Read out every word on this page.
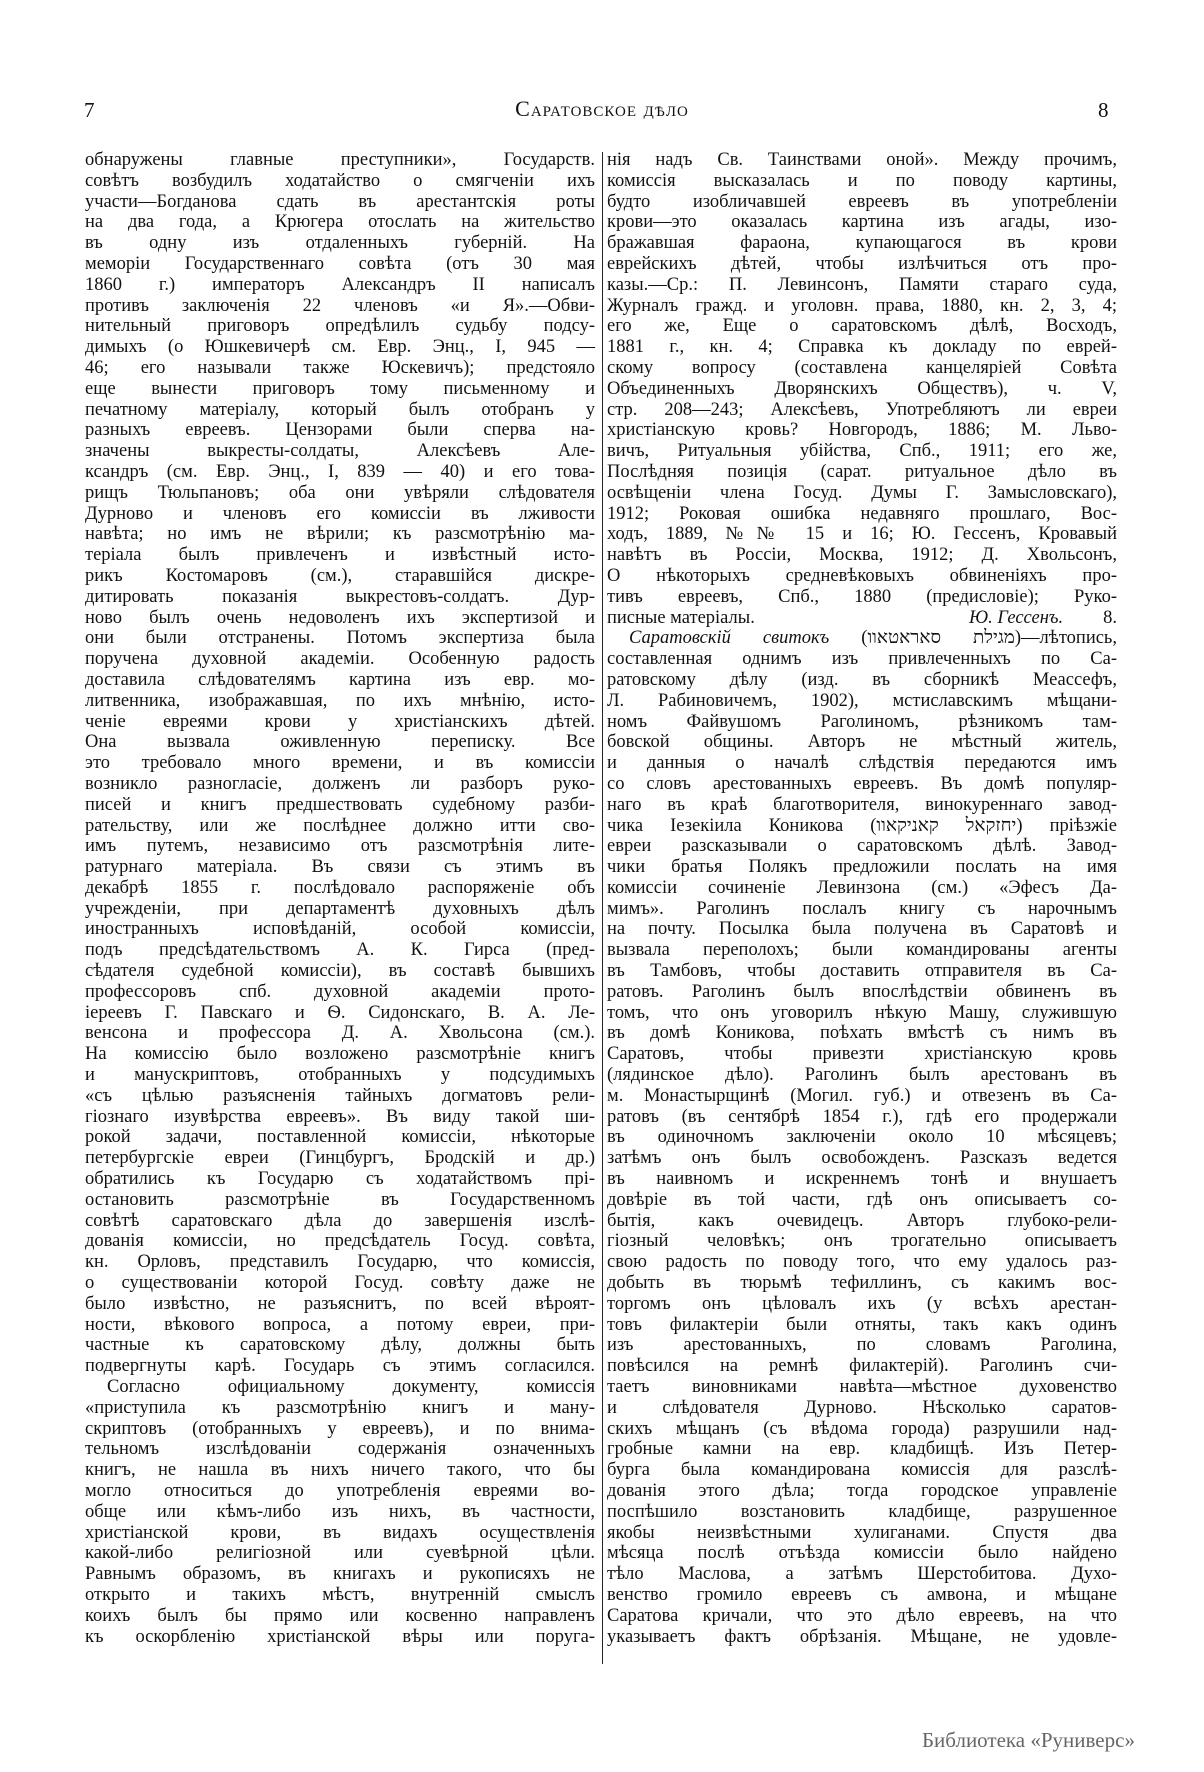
7	Саратовское дѣло	8
обнаружены главные преступники», Государств.
совѣтъ возбудилъ ходатайство о смягченіи ихъ
участи—Богданова сдать въ арестантскія роты
на два года, а Крюгера отослать на жительство
въ одну изъ отдаленныхъ губерній. На
меморіи Государственнаго совѣта (отъ 30 мая
1860 г.) императоръ Александръ II написалъ
противъ заключенія 22 членовъ «и Я».—Обви-
нительный приговоръ опредѣлилъ судьбу подсу-
димыхъ (о Юшкевичерѣ см. Евр. Энц., I, 945 —
46; его называли также Юскевичъ); предстояло
еще вынести приговоръ тому письменному и
печатному матеріалу, который былъ отобранъ у
разныхъ евреевъ. Цензорами были сперва на-
значены выкресты-солдаты, Алексѣевъ Але-
ксандръ (см. Евр. Энц., I, 839 — 40) и его това-
рищъ Тюльпановъ; оба они увѣряли слѣдователя
Дурново и членовъ его комиссіи въ лживости
навѣта; но имъ не вѣрили; къ разсмотрѣнію ма-
теріала былъ привлеченъ и извѣстный исто-
рикъ Костомаровъ (см.), старавшійся дискре-
дитировать показанія выкрестовъ-солдатъ. Дур-
ново былъ очень недоволенъ ихъ экспертизой и
они были отстранены. Потомъ экспертиза была
поручена духовной академіи. Особенную радость
доставила слѣдователямъ картина изъ евр. мо-
литвенника, изображавшая, по ихъ мнѣнію, исто-
ченіе евреями крови у христіанскихъ дѣтей.
Она вызвала оживленную переписку. Все
это требовало много времени, и въ комиссіи
возникло разногласіе, долженъ ли разборъ руко-
писей и книгъ предшествовать судебному разби-
рательству, или же послѣднее должно итти сво-
имъ путемъ, независимо отъ разсмотрѣнія лите-
ратурнаго матеріала. Въ связи съ этимъ въ
декабрѣ 1855 г. послѣдовало распоряженіе объ
учрежденіи, при департаментѣ духовныхъ дѣлъ
иностранныхъ исповѣданій, особой комиссіи,
подъ предсѣдательствомъ А. К. Гирса (пред-
сѣдателя судебной комиссіи), въ составѣ бывшихъ
профессоровъ спб. духовной академіи прото-
іереевъ Г. Павскаго и Ѳ. Сидонскаго, В. А. Ле-
венсона и профессора Д. А. Хвольсона (см.).
На комиссію было возложено разсмотрѣніе книгъ
и манускриптовъ, отобранныхъ у подсудимыхъ
«съ цѣлью разъясненія тайныхъ догматовъ рели-
гіознаго изувѣрства евреевъ». Въ виду такой ши-
рокой задачи, поставленной комиссіи, нѣкоторые
петербургскіе евреи (Гинцбургъ, Бродскій и др.)
обратились къ Государю съ ходатайствомъ прі-
остановить разсмотрѣніе въ Государственномъ
совѣтѣ саратовскаго дѣла до завершенія изслѣ-
дованія комиссіи, но предсѣдатель Госуд. совѣта,
кн. Орловъ, представилъ Государю, что комиссія,
о существованіи которой Госуд. совѣту даже не
было извѣстно, не разъяснитъ, по всей вѣроят-
ности, вѣкового вопроса, а потому евреи, при-
частные къ саратовскому дѣлу, должны быть
подвергнуты карѣ. Государь съ этимъ согласился.
Согласно официальному документу, комиссія
«приступила къ разсмотрѣнію книгъ и ману-
скриптовъ (отобранныхъ у евреевъ), и по внима-
тельномъ изслѣдованіи содержанія означенныхъ
книгъ, не нашла въ нихъ ничего такого, что бы
могло относиться до употребленія евреями во-
обще или кѣмъ-либо изъ нихъ, въ частности,
христіанской крови, въ видахъ осуществленія
какой-либо религіозной или суевѣрной цѣли.
Равнымъ образомъ, въ книгахъ и рукописяхъ не
открыто и такихъ мѣстъ, внутренній смыслъ
коихъ былъ бы прямо или косвенно направленъ
къ оскорбленію христіанской вѣры или поруга-
нія надъ Св. Таинствами оной». Между прочимъ,
комиссія высказалась и по поводу картины,
будто изобличавшей евреевъ въ употребленіи
крови—это оказалась картина изъ агады, изо-
бражавшая фараона, купающагося въ крови
еврейскихъ дѣтей, чтобы излѣчиться отъ про-
казы.—Ср.: П. Левинсонъ, Памяти стараго суда,
Журналъ гражд. и уголовн. права, 1880, кн. 2, 3, 4;
его же, Еще о саратовскомъ дѣлѣ, Восходъ,
1881 г., кн. 4; Справка къ докладу по еврей-
скому вопросу (составлена канцеляріей Совѣта
Объединенныхъ Дворянскихъ Обществъ), ч. V,
стр. 208—243; Алексѣевъ, Употребляютъ ли евреи
христіанскую кровь? Новгородъ, 1886; М. Льво-
вичъ, Ритуальныя убійства, Спб., 1911; его же,
Послѣдняя позиція (сарат. ритуальное дѣло въ
освѣщеніи члена Госуд. Думы Г. Замысловскаго),
1912; Роковая ошибка недавняго прошлаго, Вос-
ходъ, 1889, №№ 15 и 16; Ю. Гессенъ, Кровавый
навѣтъ въ Россіи, Москва, 1912; Д. Хвольсонъ,
О нѣкоторыхъ средневѣковыхъ обвиненіяхъ про-
тивъ евреевъ, Спб., 1880 (предисловіе); Руко-
писные матеріалы.	Ю. Гессенъ. 8.
Саратовскій свитокъ (מגילת סאראטאוו)—лѣтопись,
составленная однимъ изъ привлеченныхъ по Са-
ратовскому дѣлу (изд. въ сборникѣ Меассефъ,
Л. Рабиновичемъ, 1902), мстиславскимъ мѣщани-
номъ Файвушомъ Раголиномъ, рѣзникомъ там-
бовской общины. Авторъ не мѣстный житель,
и данныя о началѣ слѣдствія передаются имъ
со словъ арестованныхъ евреевъ. Въ домѣ популяр-
наго въ краѣ благотворителя, винокуреннаго завод-
чика Іезекіила Коникова (יחזקאל קאניקאוו) пріѣзжіе
евреи разсказывали о саратовскомъ дѣлѣ. Завод-
чики братья Полякъ предложили послать на имя
комиссіи сочиненіе Левинзона (см.) «Эфесъ Да-
мимъ». Раголинъ послалъ книгу съ нарочнымъ
на почту. Посылка была получена въ Саратовѣ и
вызвала переполохъ; были командированы агенты
въ Тамбовъ, чтобы доставить отправителя въ Са-
ратовъ. Раголинъ былъ впослѣдствіи обвиненъ въ
томъ, что онъ уговорилъ нѣкую Машу, служившую
въ домѣ Коникова, поѣхать вмѣстѣ съ нимъ въ
Саратовъ, чтобы привезти христіанскую кровь
(лядинское дѣло). Раголинъ былъ арестованъ въ
м. Монастырщинѣ (Могил. губ.) и отвезенъ въ Са-
ратовъ (въ сентябрѣ 1854 г.), гдѣ его продержали
въ одиночномъ заключеніи около 10 мѣсяцевъ;
затѣмъ онъ былъ освобожденъ. Разсказъ ведется
въ наивномъ и искреннемъ тонѣ и внушаетъ
довѣріе въ той части, гдѣ онъ описываетъ со-
бытія, какъ очевидецъ. Авторъ глубоко-рели-
гіозный человѣкъ; онъ трогательно описываетъ
свою радость по поводу того, что ему удалось раз-
добыть въ тюрьмѣ тефиллинъ, съ какимъ вос-
торгомъ онъ цѣловалъ ихъ (у всѣхъ арестан-
товъ филактеріи были отняты, такъ какъ одинъ
изъ арестованныхъ, по словамъ Раголина,
повѣсился на ремнѣ филактерій). Раголинъ счи-
таетъ виновниками навѣта—мѣстное духовенство
и слѣдователя Дурново. Нѣсколько саратов-
скихъ мѣщанъ (съ вѣдома города) разрушили над-
гробные камни на евр. кладбищѣ. Изъ Петер-
бурга была командирована комиссія для разслѣ-
дованія этого дѣла; тогда городское управленіе
поспѣшило возстановить кладбище, разрушенное
якобы неизвѣстными хулиганами. Спустя два
мѣсяца послѣ отъѣзда комиссіи было найдено
тѣло Маслова, а затѣмъ Шерстобитова. Духо-
венство громило евреевъ съ амвона, и мѣщане
Саратова кричали, что это дѣло евреевъ, на что
указываетъ фактъ обрѣзанія. Мѣщане, не удовле-
Библиотека «Руниверс»
